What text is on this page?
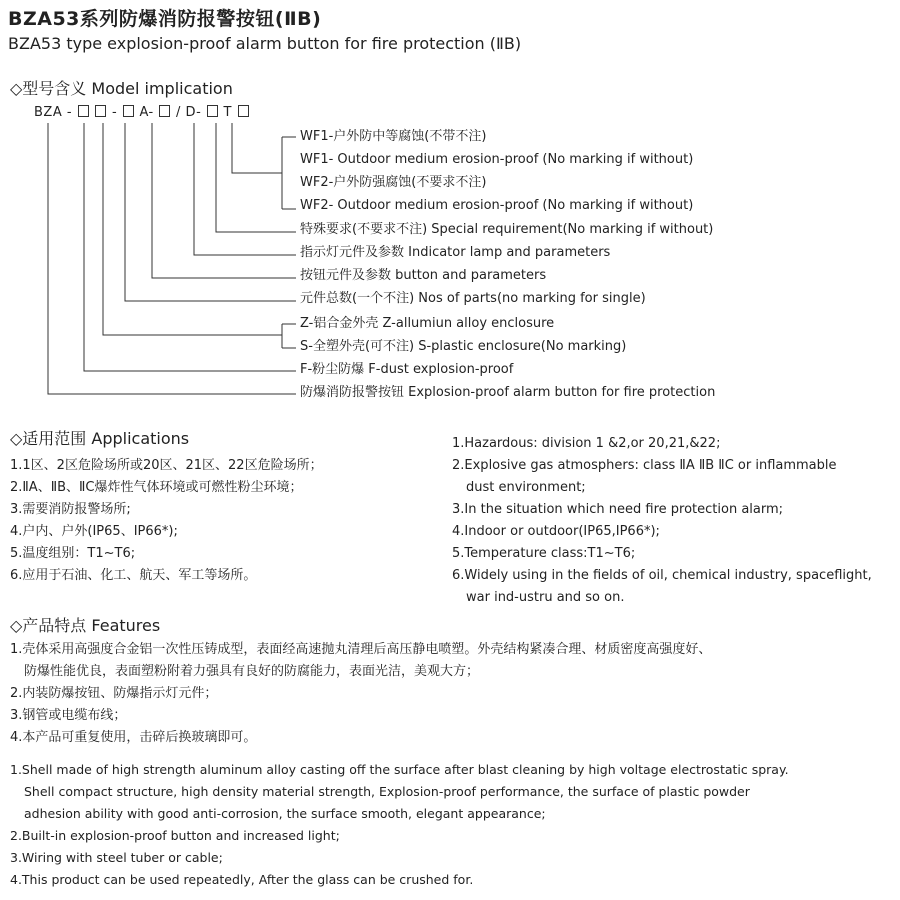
BZA53系列防爆消防报警按钮(ⅡB)
BZA53 type explosion-proof alarm button for fire protection (ⅡB)
◇型号含义 Model implication
BZA -	- A- / D- T
WF1-户外防中等腐蚀(不带不注)
WF1- Outdoor medium erosion-proof (No marking if without)
WF2-户外防强腐蚀(不要求不注)
WF2- Outdoor medium erosion-proof (No marking if without)
特殊要求(不要求不注) Special requirement(No marking if without)
指示灯元件及参数 Indicator lamp and parameters
按钮元件及参数 button and parameters
元件总数(一个不注) Nos of parts(no marking for single)
Z-铝合金外壳 Z-allumiun alloy enclosure
S-全塑外壳(可不注) S-plastic enclosure(No marking)
F-粉尘防爆 F-dust explosion-proof
防爆消防报警按钮 Explosion-proof alarm button for fire protection
◇适用范围 Applications
1.1区、2区危险场所或20区、21区、22区危险场所；
2.ⅡA、ⅡB、ⅡC爆炸性气体环境或可燃性粉尘环境；
3.需要消防报警场所;
4.户内、户外(IP65、IP66*);
5.温度组别：T1~T6;
6.应用于石油、化工、航天、军工等场所。
1.Hazardous: division 1 &2,or 20,21,&22;
2.Explosive gas atmosphers: class ⅡA ⅡB ⅡC or inflammable
dust environment;
3.In the situation which need fire protection alarm;
4.Indoor or outdoor(IP65,IP66*);
5.Temperature class:T1~T6;
6.Widely using in the fields of oil, chemical industry, spaceflight,
war ind-ustru and so on.
◇产品特点 Features
1.壳体采用高强度合金铝一次性压铸成型，表面经高速抛丸清理后高压静电喷塑。外壳结构紧凑合理、材质密度高强度好、
防爆性能优良，表面塑粉附着力强具有良好的防腐能力，表面光洁，美观大方；
2.内装防爆按钮、防爆指示灯元件；
3.钢管或电缆布线；
4.本产品可重复使用，击碎后换玻璃即可。
1.Shell made of high strength aluminum alloy casting off the surface after blast cleaning by high voltage electrostatic spray.
Shell compact structure, high density material strength, Explosion-proof performance, the surface of plastic powder
adhesion ability with good anti-corrosion, the surface smooth, elegant appearance;
2.Built-in explosion-proof button and increased light;
3.Wiring with steel tuber or cable;
4.This product can be used repeatedly, After the glass can be crushed for.
